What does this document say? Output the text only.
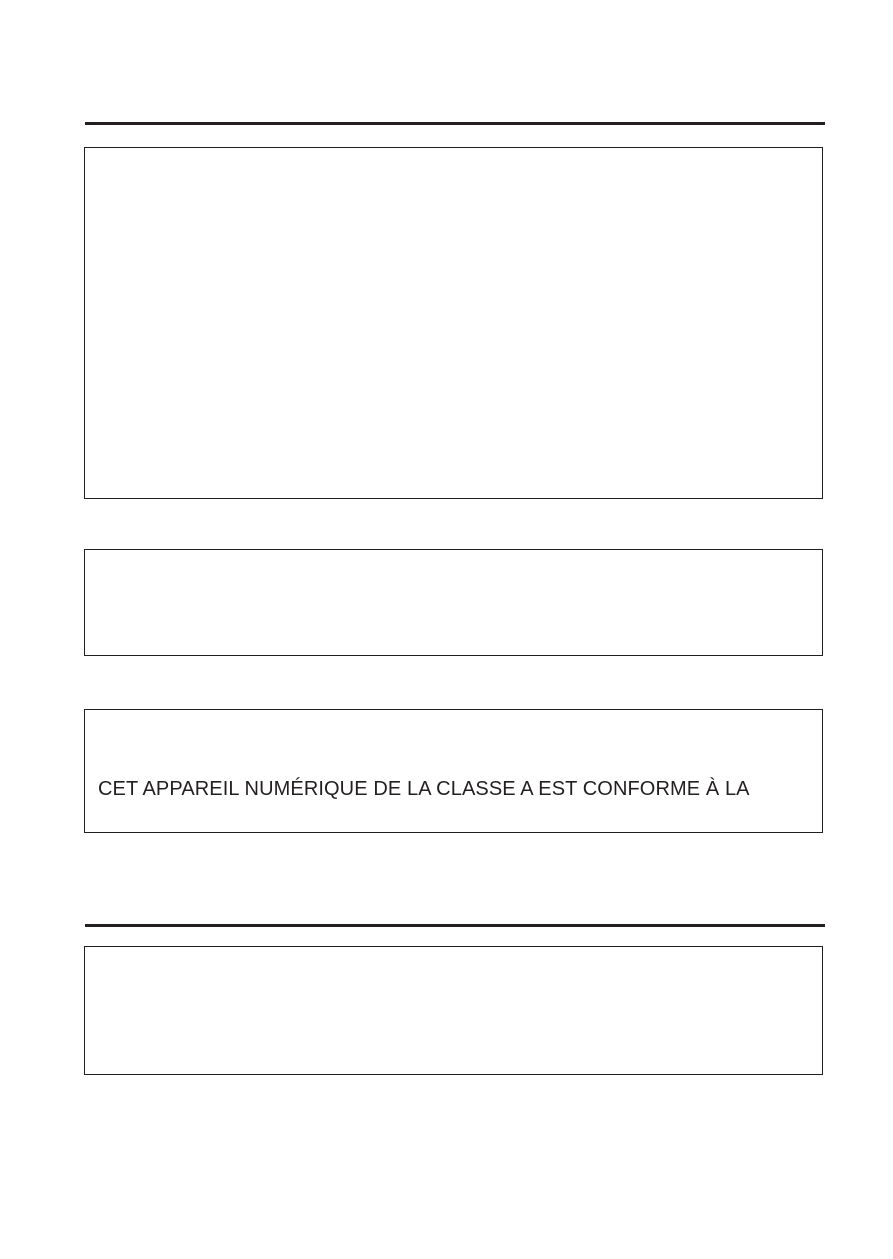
CET APPAREIL NUMÉRIQUE DE LA CLASSE A EST CONFORME À LA
